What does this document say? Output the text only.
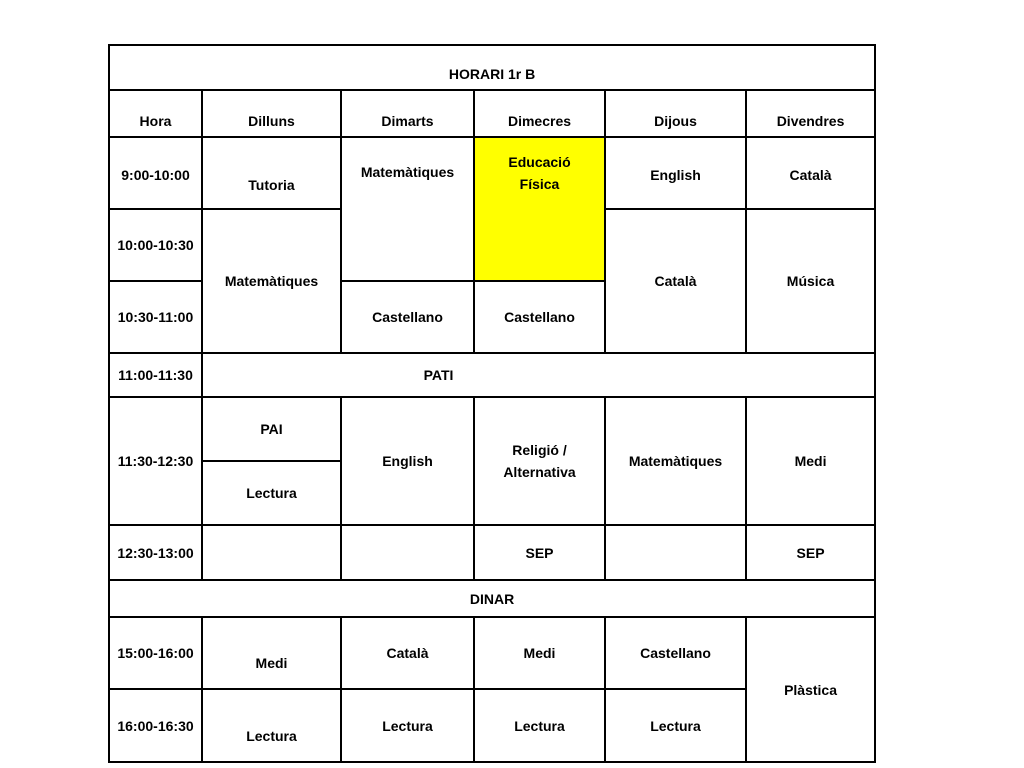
HORARI 1r B					
Hora	Dilluns	Dimarts	Dimecres	Dijous	Divendres
9:00-10:00	Tutoria	Matemàtiques	Educació Física	English	Català
10:00-10:30	Matemàtiques			Català	Música
10:30-11:00		Castellano	Castellano		
11:00-11:30	PATI				
11:30-12:30	PAI	English	Religió / Alternativa	Matemàtiques	Medi
	Lectura				
12:30-13:00			SEP		SEP
DINAR					
15:00-16:00	Medi	Català	Medi	Castellano	Plàstica
16:00-16:30	Lectura	Lectura	Lectura	Lectura	
